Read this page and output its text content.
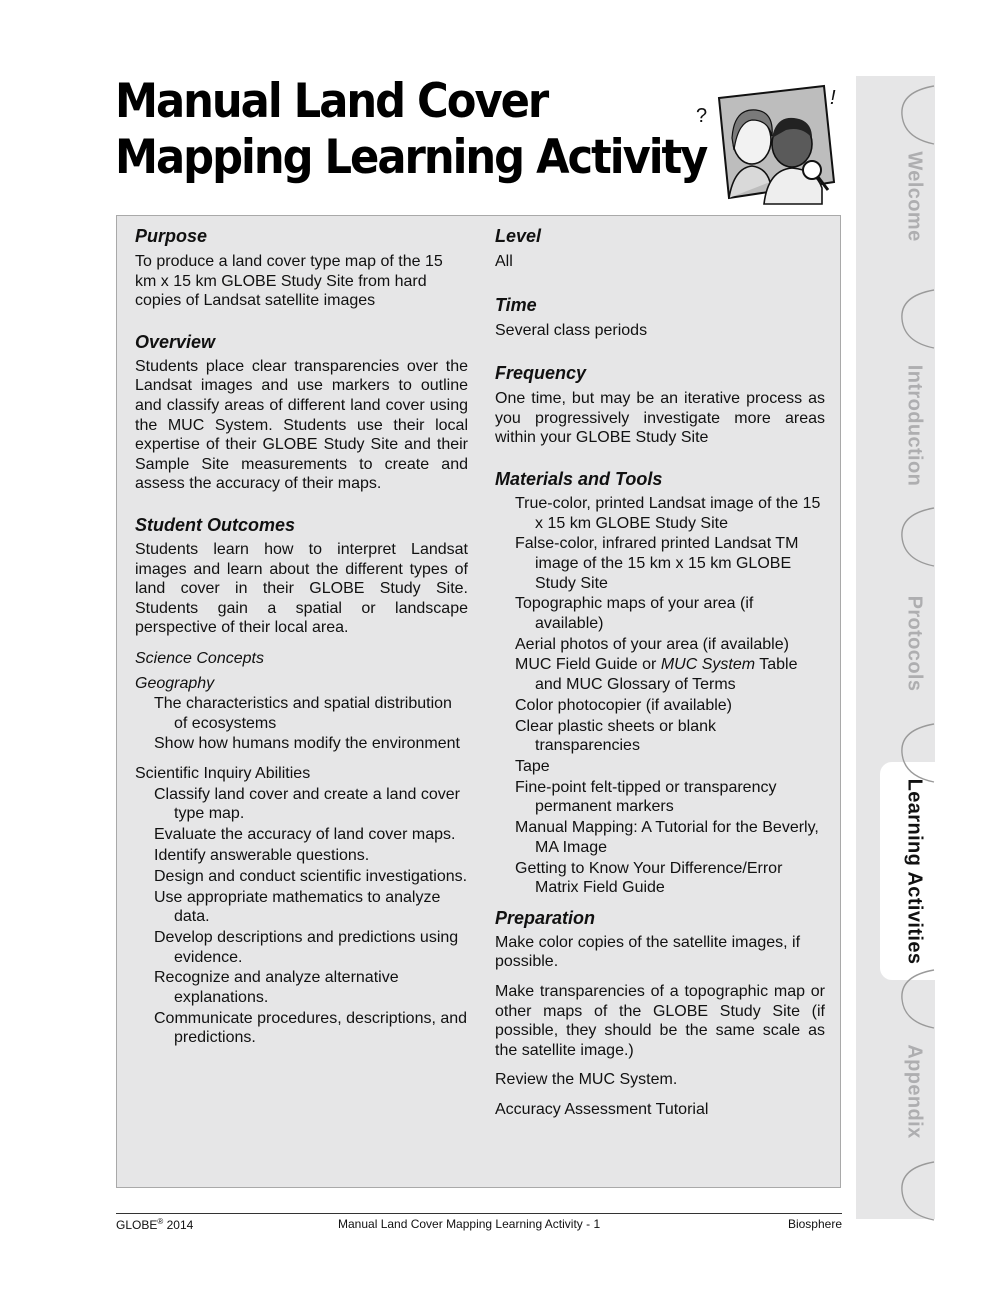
Manual Land Cover
Mapping Learning Activity
?
!
Purpose

To produce a land cover type map of the 15 km x 15 km GLOBE Study Site from hard copies of Landsat satellite images

Overview

Students place clear transparencies over the Landsat images and use markers to outline and classify areas of different land cover using the MUC System. Students use their local expertise of their GLOBE Study Site and their Sample Site measurements to create and assess the accuracy of their maps.

Student Outcomes

Students learn how to interpret Landsat images and learn about the different types of land cover in their GLOBE Study Site. Students gain a spatial or landscape perspective of their local area.

Science Concepts

Geography

The characteristics and spatial distribution of ecosystems
Show how humans modify the environment

Scientific Inquiry Abilities

Classify land cover and create a land cover type map.
Evaluate the accuracy of land cover maps.
Identify answerable questions.
Design and conduct scientific investigations.
Use appropriate mathematics to analyze data.
Develop descriptions and predictions using evidence.
Recognize and analyze alternative explanations.
Communicate procedures, descriptions, and predictions.
Level

All

Time

Several class periods

Frequency

One time, but may be an iterative process as you progressively investigate more areas within your GLOBE Study Site

Materials and Tools
True-color, printed Landsat image of the 15 x 15 km GLOBE Study Site
False-color, infrared printed Landsat TM image of the 15 km x 15 km GLOBE Study Site
Topographic maps of your area (if available)
Aerial photos of your area (if available)
MUC Field Guide or MUC System Table and MUC Glossary of Terms
Color photocopier (if available)
Clear plastic sheets or blank transparencies
Tape
Fine-point felt-tipped or transparency permanent markers
Manual Mapping: A Tutorial for the Beverly, MA Image
Getting to Know Your Difference/Error Matrix Field Guide
Preparation

Make color copies of the satellite images, if possible.

Make transparencies of a topographic map or other maps of the GLOBE Study Site (if possible, they should be the same scale as the satellite image.)

Review the MUC System.

Accuracy Assessment Tutorial

Welcome
Introduction
Protocols
Learning Activities
Appendix
GLOBE® 2014	Manual Land Cover Mapping Learning Activity - 1	Biosphere
